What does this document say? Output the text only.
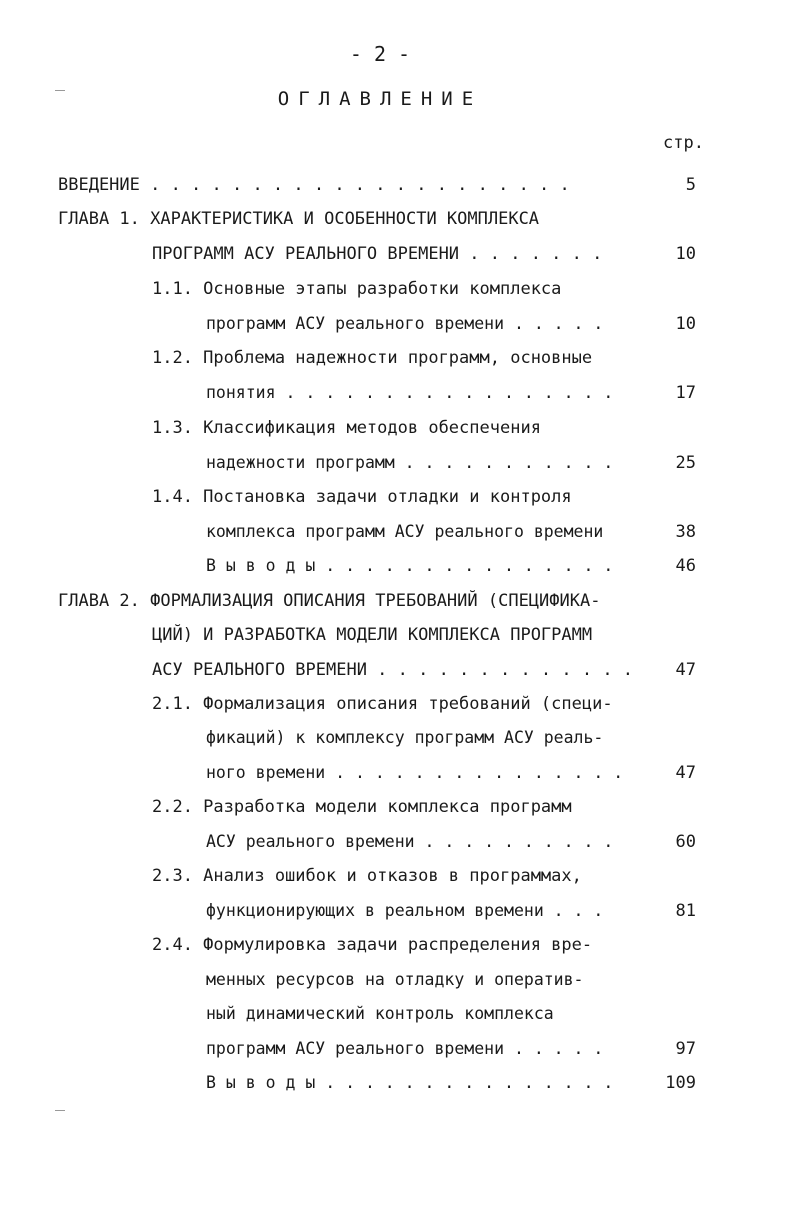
- 2 -
ОГЛАВЛЕНИЕ
стр.
ВВЕДЕНИЕ . . . . . . . . . . . . . . . . . . . . .	5
ГЛАВА 1. ХАРАКТЕРИСТИКА И ОСОБЕННОСТИ КОМПЛЕКСА
ПРОГРАММ АСУ РЕАЛЬНОГО ВРЕМЕНИ . . . . . . .	10
1.1. Основные этапы разработки комплекса
программ АСУ реального времени . . . . .	10
1.2. Проблема надежности программ, основные
понятия . . . . . . . . . . . . . . . . .	17
1.3. Классификация методов обеспечения
надежности программ . . . . . . . . . . .	25
1.4. Постановка задачи отладки и контроля
комплекса программ АСУ реального времени	38
В ы в о д ы . . . . . . . . . . . . . . .	46
ГЛАВА 2. ФОРМАЛИЗАЦИЯ ОПИСАНИЯ ТРЕБОВАНИЙ (СПЕЦИФИКА-
ЦИЙ) И РАЗРАБОТКА МОДЕЛИ КОМПЛЕКСА ПРОГРАММ
АСУ РЕАЛЬНОГО ВРЕМЕНИ . . . . . . . . . . . . .	47
2.1. Формализация описания требований (специ-
фикаций) к комплексу программ АСУ реаль-
ного времени . . . . . . . . . . . . . . .	47
2.2. Разработка модели комплекса программ
АСУ реального времени . . . . . . . . . .	60
2.3. Анализ ошибок и отказов в программах,
функционирующих в реальном времени . . .	81
2.4. Формулировка задачи распределения вре-
менных ресурсов на отладку и оператив-
ный динамический контроль комплекса
программ АСУ реального времени . . . . .	97
В ы в о д ы . . . . . . . . . . . . . . .	109
